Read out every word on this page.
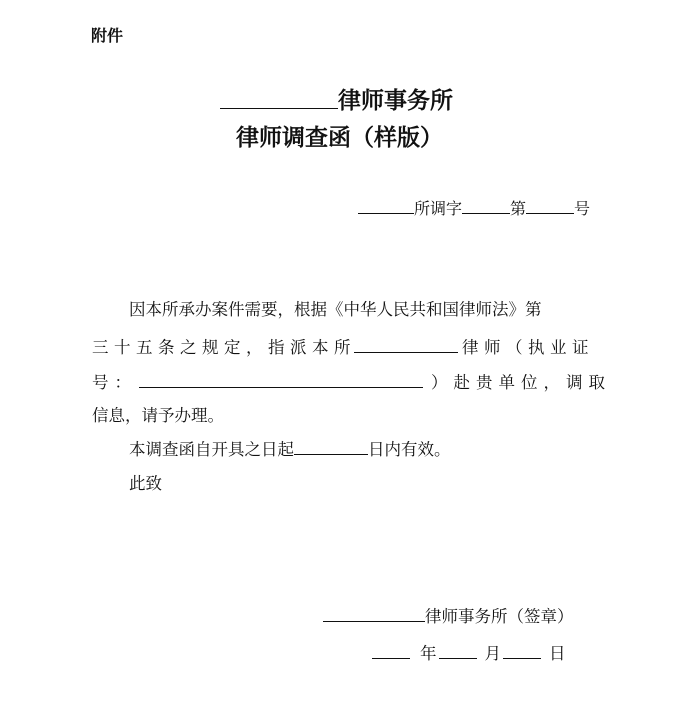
附件
律师事务所
律师调查函（样版）
所调字	第	号
因本所承办案件需要，根据《中华人民共和国律师法》第
三十五条之规定，指派本所	律师（执业证
号：	）赴贵单位，调取
信息，请予办理。
本调查函自开具之日起	日内有效。
此致
律师事务所（签章）
年	月	日
